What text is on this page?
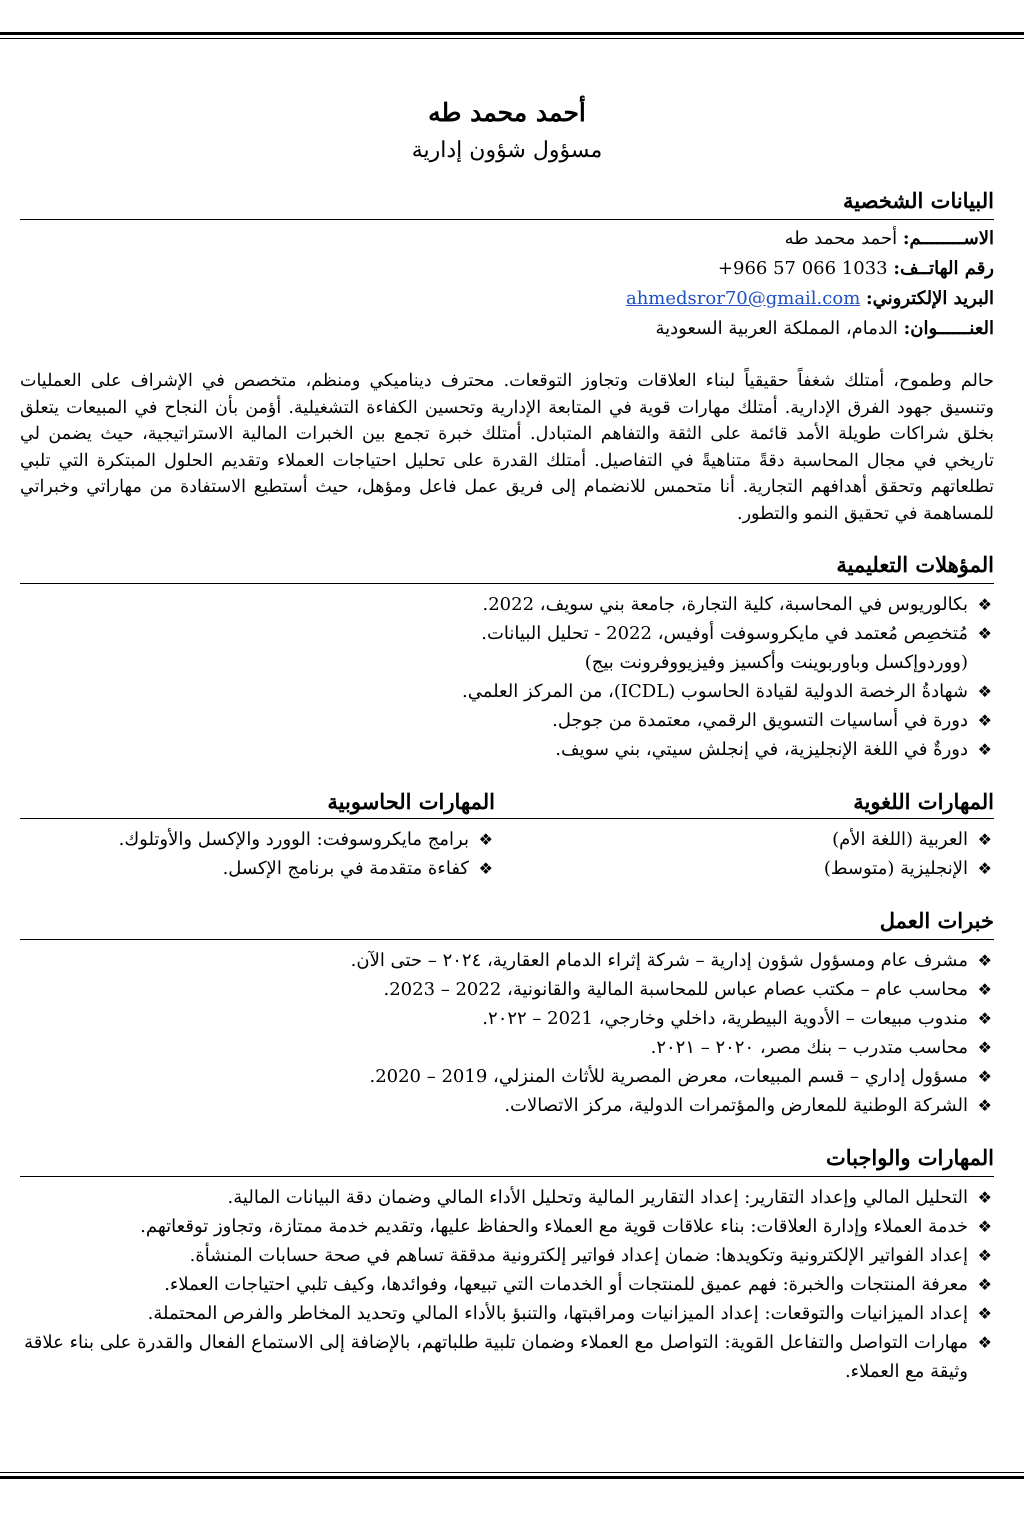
أحمد محمد طه
مسؤول شؤون إدارية
البيانات الشخصية
الاســــــــم: أحمد محمد طه
رقم الهاتــف: +966 57 066 1033
البريد الإلكتروني: ahmedsror70@gmail.com
العنــــــوان: الدمام، المملكة العربية السعودية

حالم وطموح، أمتلك شغفاً حقيقياً لبناء العلاقات وتجاوز التوقعات. محترف ديناميكي ومنظم، متخصص في الإشراف على العمليات وتنسيق جهود الفرق الإدارية. أمتلك مهارات قوية في المتابعة الإدارية وتحسين الكفاءة التشغيلية. أؤمن بأن النجاح في المبيعات يتعلق بخلق شراكات طويلة الأمد قائمة على الثقة والتفاهم المتبادل. أمتلك خبرة تجمع بين الخبرات المالية الاستراتيجية، حيث يضمن لي تاريخي في مجال المحاسبة دقةً متناهيةً في التفاصيل. أمتلك القدرة على تحليل احتياجات العملاء وتقديم الحلول المبتكرة التي تلبي تطلعاتهم وتحقق أهدافهم التجارية. أنا متحمس للانضمام إلى فريق عمل فاعل ومؤهل، حيث أستطيع الاستفادة من مهاراتي وخبراتي للمساهمة في تحقيق النمو والتطور.

المؤهلات التعليمية
❖
بكالوريوس في المحاسبة، كلية التجارة، جامعة بني سويف، 2022.
❖
مُتخصِص مُعتمد في مايكروسوفت أوفيس، 2022 - تحليل البيانات.
(ووردوإكسل وباوربوينت وأكسيز وفيزيووفرونت بيج)
❖
شهادةُ الرخصة الدولية لقيادة الحاسوب (ICDL)، من المركز العلمي.
❖
دورة في أساسيات التسويق الرقمي، معتمدة من جوجل.
❖
دورةٌ في اللغة الإنجليزية، في إنجلش سيتي، بني سويف.
المهارات اللغوية
المهارات الحاسوبية
❖
العربية (اللغة الأم)
❖
الإنجليزية (متوسط)
❖
برامج مايكروسوفت: الوورد والإكسل والأوتلوك.
❖
كفاءة متقدمة في برنامج الإكسل.
خبرات العمل
❖
مشرف عام ومسؤول شؤون إدارية – شركة إثراء الدمام العقارية، ٢٠٢٤ – حتى الآن.
❖
محاسب عام – مكتب عصام عباس للمحاسبة المالية والقانونية، 2022 – 2023.
❖
مندوب مبيعات – الأدوية البيطرية، داخلي وخارجي، 2021 – ٢٠٢٢.
❖
محاسب متدرب – بنك مصر، ٢٠٢٠ – ٢٠٢١.
❖
مسؤول إداري – قسم المبيعات، معرض المصرية للأثاث المنزلي، 2019 – 2020.
❖
الشركة الوطنية للمعارض والمؤتمرات الدولية، مركز الاتصالات.
المهارات والواجبات
❖
التحليل المالي وإعداد التقارير: إعداد التقارير المالية وتحليل الأداء المالي وضمان دقة البيانات المالية.
❖
خدمة العملاء وإدارة العلاقات: بناء علاقات قوية مع العملاء والحفاظ عليها، وتقديم خدمة ممتازة، وتجاوز توقعاتهم.
❖
إعداد الفواتير الإلكترونية وتكويدها: ضمان إعداد فواتير إلكترونية مدققة تساهم في صحة حسابات المنشأة.
❖
معرفة المنتجات والخبرة: فهم عميق للمنتجات أو الخدمات التي تبيعها، وفوائدها، وكيف تلبي احتياجات العملاء.
❖
إعداد الميزانيات والتوقعات: إعداد الميزانيات ومراقبتها، والتنبؤ بالأداء المالي وتحديد المخاطر والفرص المحتملة.
❖
مهارات التواصل والتفاعل القوية: التواصل مع العملاء وضمان تلبية طلباتهم، بالإضافة إلى الاستماع الفعال والقدرة على بناء علاقة وثيقة مع العملاء.
